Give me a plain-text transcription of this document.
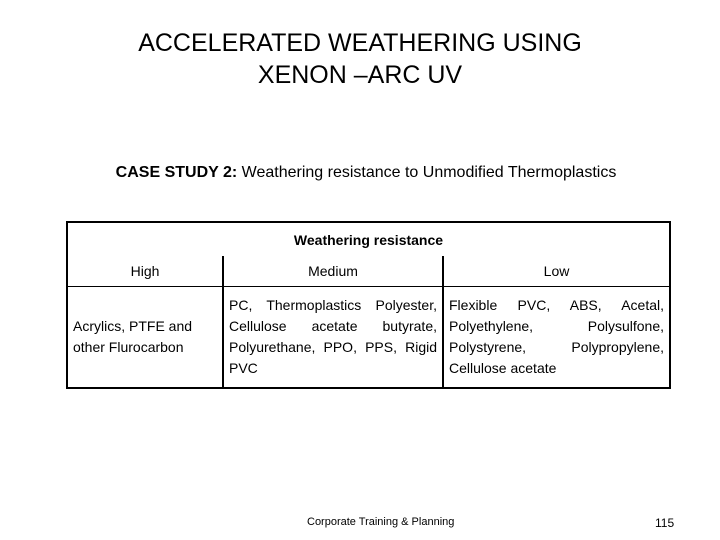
ACCELERATED WEATHERING USING
XENON –ARC UV
CASE STUDY 2: Weathering resistance to Unmodified Thermoplastics
Weathering resistance		
High	Medium	Low
Acrylics, PTFE and other Flurocarbon	PC, Thermoplastics Polyester, Cellulose acetate butyrate, Polyurethane, PPO, PPS, Rigid PVC	Flexible PVC, ABS, Acetal, Polyethylene, Polysulfone, Polystyrene, Polypropylene, Cellulose acetate
Corporate Training & Planning	115
